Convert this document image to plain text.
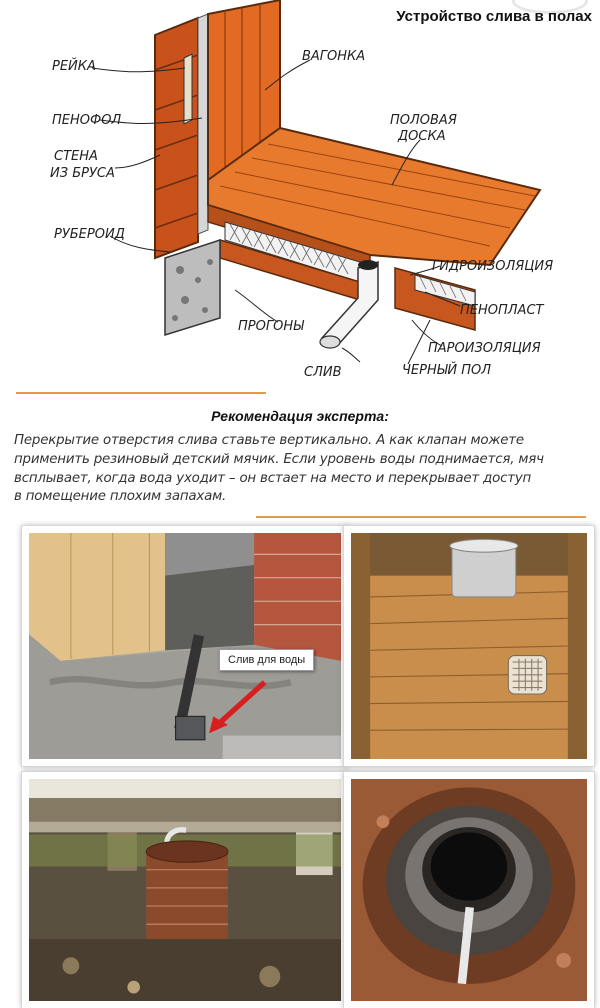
Устройство слива в полах
РЕЙКА
ВАГОНКА
ПЕНОФОЛ
СТЕНА
ИЗ БРУСА
ПОЛОВАЯ
ДОСКА
РУБЕРОИД
ГИДРОИЗОЛЯЦИЯ
ПЕНОПЛАСТ
ПРОГОНЫ
ПАРОИЗОЛЯЦИЯ
СЛИВ	ЧЕРНЫЙ ПОЛ
Рекомендация эксперта:
Перекрытие отверстия слива ставьте вертикально. А как клапан можете
применить резиновый детский мячик. Если уровень воды поднимается, мяч
всплывает, когда вода уходит – он встает на место и перекрывает доступ
в помещение плохим запахам.
Слив для воды
